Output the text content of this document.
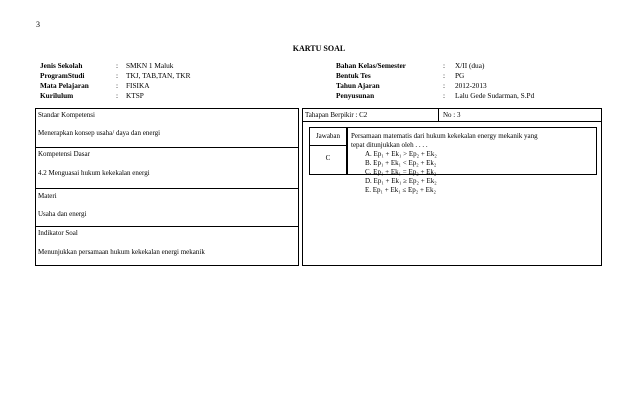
3
KARTU SOAL
Jenis Sekolah	: SMKN 1 Maluk
ProgramStudi	: TKJ, TAB,TAN, TKR
Mata Pelajaran	: FISIKA
Kurilulum	: KTSP
Bahan Kelas/Semester	: X/II (dua)
Bentuk Tes	: PG
Tahun Ajaran	: 2012-2013
Penyusunan	: Lalu Gede Sudarman, S.Pd
Standar Kompetensi
Menerapkan konsep usaha/ daya dan energi
Kompetensi Dasar
4.2 Menguasai hukum kekekalan energi
Materi
Usaha dan energi
Indikator Soal
Menunjukkan persamaan hukum kekekalan energi mekanik
Tahapan Berpikir : C2	No : 3
Jawaban
C
Persamaan matematis dari hukum kekekalan energy mekanik yang
tepat ditunjukkan oleh . . . .
A. Ep₁ + Ek₁ > Ep₂ + Ek₂
B. Ep₁ + Ek₁ < Ep₂ + Ek₂
C. Ep₁ + Ek₁ = Ep₂ + Ek₂
D. Ep₁ + Ek₁ ≥ Ep₂ + Ek₂
E. Ep₁ + Ek₁ ≤ Ep₂ + Ek₂
